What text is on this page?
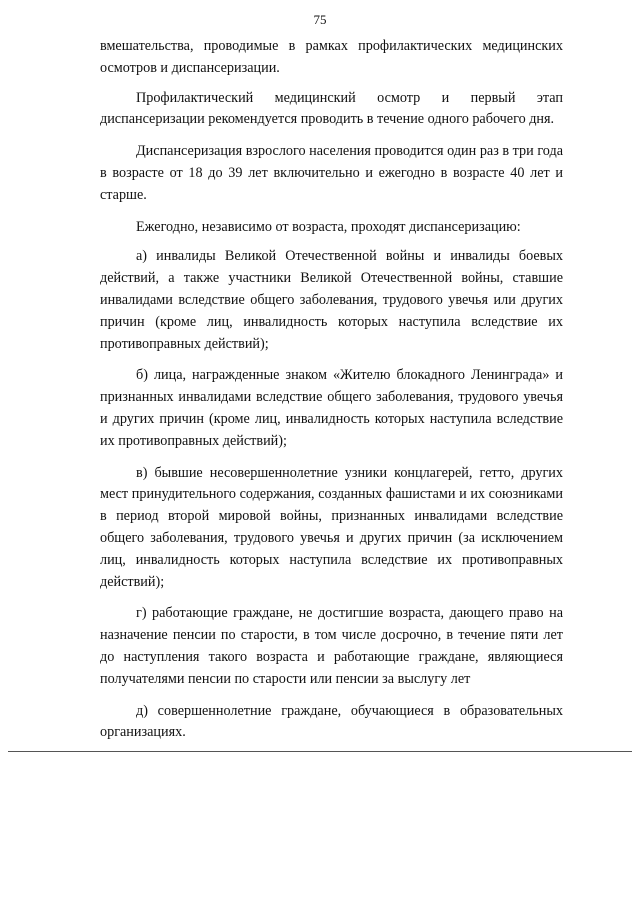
75

вмешательства, проводимые в рамках профилактических медицинских осмотров и диспансеризации.

Профилактический медицинский осмотр и первый этап диспансеризации рекомендуется проводить в течение одного рабочего дня.

Диспансеризация взрослого населения проводится один раз в три года в возрасте от 18 до 39 лет включительно и ежегодно в возрасте 40 лет и старше.

Ежегодно, независимо от возраста, проходят диспансеризацию:

а) инвалиды Великой Отечественной войны и инвалиды боевых действий, а также участники Великой Отечественной войны, ставшие инвалидами вследствие общего заболевания, трудового увечья или других причин (кроме лиц, инвалидность которых наступила вследствие их противоправных действий);

б) лица, награжденные знаком «Жителю блокадного Ленинграда» и признанных инвалидами вследствие общего заболевания, трудового увечья и других причин (кроме лиц, инвалидность которых наступила вследствие их противоправных действий);

в) бывшие несовершеннолетние узники концлагерей, гетто, других мест принудительного содержания, созданных фашистами и их союзниками в период второй мировой войны, признанных инвалидами вследствие общего заболевания, трудового увечья и других причин (за исключением лиц, инвалидность которых наступила вследствие их противоправных действий);

г) работающие граждане, не достигшие возраста, дающего право на назначение пенсии по старости, в том числе досрочно, в течение пяти лет до наступления такого возраста и работающие граждане, являющиеся получателями пенсии по старости или пенсии за выслугу лет

д) совершеннолетние граждане, обучающиеся в образовательных организациях.
